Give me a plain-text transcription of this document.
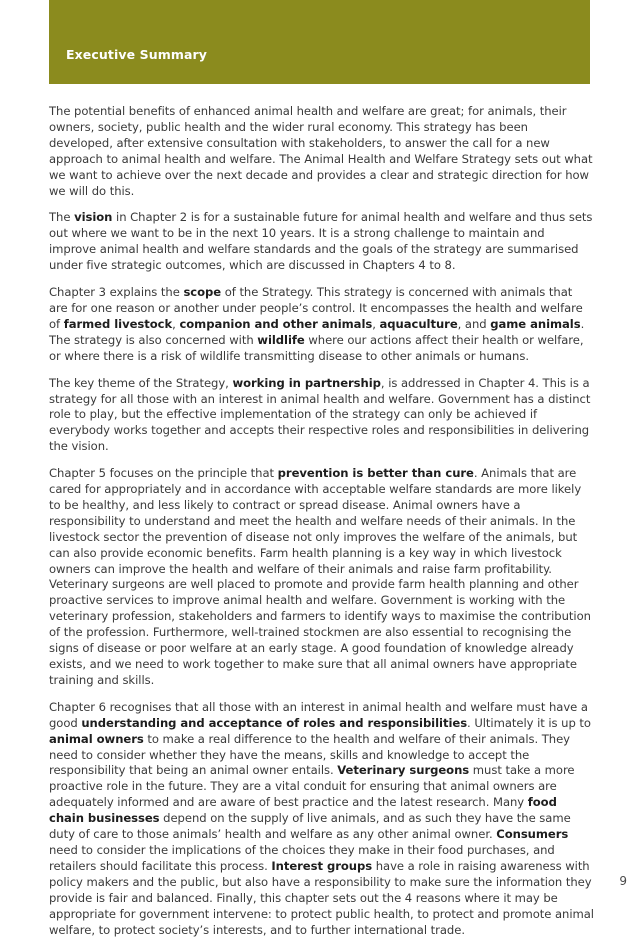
Executive Summary

The potential benefits of enhanced animal health and welfare are great; for animals, their owners, society, public health and the wider rural economy. This strategy has been developed, after extensive consultation with stakeholders, to answer the call for a new approach to animal health and welfare. The Animal Health and Welfare Strategy sets out what we want to achieve over the next decade and provides a clear and strategic direction for how we will do this.

The vision in Chapter 2 is for a sustainable future for animal health and welfare and thus sets out where we want to be in the next 10 years. It is a strong challenge to maintain and improve animal health and welfare standards and the goals of the strategy are summarised under five strategic outcomes, which are discussed in Chapters 4 to 8.

Chapter 3 explains the scope of the Strategy. This strategy is concerned with animals that are for one reason or another under people’s control. It encompasses the health and welfare of farmed livestock, companion and other animals, aquaculture, and game animals. The strategy is also concerned with wildlife where our actions affect their health or welfare, or where there is a risk of wildlife transmitting disease to other animals or humans.

The key theme of the Strategy, working in partnership, is addressed in Chapter 4. This is a strategy for all those with an interest in animal health and welfare. Government has a distinct role to play, but the effective implementation of the strategy can only be achieved if everybody works together and accepts their respective roles and responsibilities in delivering the vision.

Chapter 5 focuses on the principle that prevention is better than cure. Animals that are cared for appropriately and in accordance with acceptable welfare standards are more likely to be healthy, and less likely to contract or spread disease. Animal owners have a responsibility to understand and meet the health and welfare needs of their animals. In the livestock sector the prevention of disease not only improves the welfare of the animals, but can also provide economic benefits. Farm health planning is a key way in which livestock owners can improve the health and welfare of their animals and raise farm profitability. Veterinary surgeons are well placed to promote and provide farm health planning and other proactive services to improve animal health and welfare. Government is working with the veterinary profession, stakeholders and farmers to identify ways to maximise the contribution of the profession. Furthermore, well-trained stockmen are also essential to recognising the signs of disease or poor welfare at an early stage. A good foundation of knowledge already exists, and we need to work together to make sure that all animal owners have appropriate training and skills.

Chapter 6 recognises that all those with an interest in animal health and welfare must have a good understanding and acceptance of roles and responsibilities. Ultimately it is up to animal owners to make a real difference to the health and welfare of their animals. They need to consider whether they have the means, skills and knowledge to accept the responsibility that being an animal owner entails. Veterinary surgeons must take a more proactive role in the future. They are a vital conduit for ensuring that animal owners are adequately informed and are aware of best practice and the latest research. Many food chain businesses depend on the supply of live animals, and as such they have the same duty of care to those animals’ health and welfare as any other animal owner. Consumers need to consider the implications of the choices they make in their food purchases, and retailers should facilitate this process. Interest groups have a role in raising awareness with policy makers and the public, but also have a responsibility to make sure the information they provide is fair and balanced. Finally, this chapter sets out the 4 reasons where it may be appropriate for government intervene: to protect public health, to protect and promote animal welfare, to protect society’s interests, and to further international trade.

9
